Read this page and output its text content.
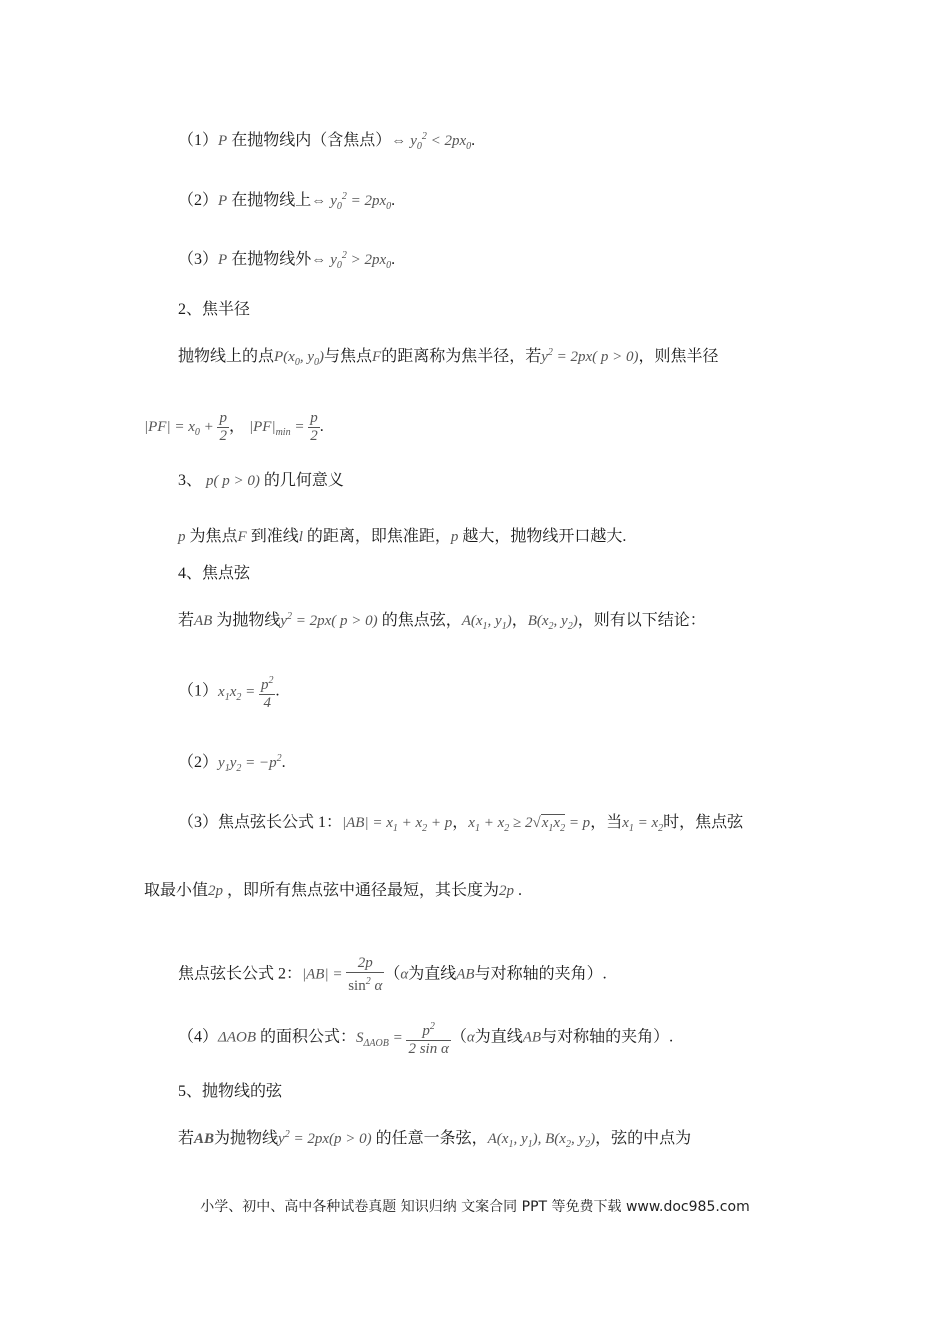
（1）P 在抛物线内（含焦点）⇔ $y_0^2 < 2px_0$.
（2）P 在抛物线上⇔ $y_0^2 = 2px_0$.
（3）P 在抛物线外⇔ $y_0^2 > 2px_0$.
2、焦半径
抛物线上的点$P(x_0$, $y_0$)与焦点F的距离称为焦半径，若$y^2 = 2px$( p > 0)，则焦半径
$|PF| = x_0 + \frac{p}{2}$ ， $|PF|_{min} = \frac{p}{2}$ .
3、 p( p > 0) 的几何意义
p 为焦点F 到准线l 的距离，即焦准距，p 越大，抛物线开口越大.
4、焦点弦
若AB 为抛物线$y^2 = 2px$( p > 0) 的焦点弦，$A(x_1$, $y_1$)，$B(x_2$, $y_2$)，则有以下结论：
$(1)x_1x_2 = \frac{p^2}{4}$ .
$(2)y_1y_2 = -p^2$.
（3）焦点弦长公式 1：$|AB| = x_1 + x_2 + p$，$x_1 + x_2 \ge 2√x_1x_2 = p$，当$x_1 = x_2$时，焦点弦
取最小值2p ，即所有焦点弦中通径最短，其长度为2p .
焦点弦长公式 2：$|AB| = \frac{2p}{\sin^2 \alpha} (\alpha$为直线AB与对称轴的夹角）.
（4）ΔAOB 的面积公式：$S_{\Delta AOB} = \frac{p^2}{\text{2 sin α}} (\alpha$为直线AB与对称轴的夹角）.
5、抛物线的弦
若AB为抛物线$y^2 = 2px(p > 0)$ 的任意一条弦，$A(x_1$, $y_1$), $B(x_2$, $y_2$)，弦的中点为
小学、初中、高中各种试卷真题 知识归纳 文案合同 PPT 等免费下载 www.doc985.com
